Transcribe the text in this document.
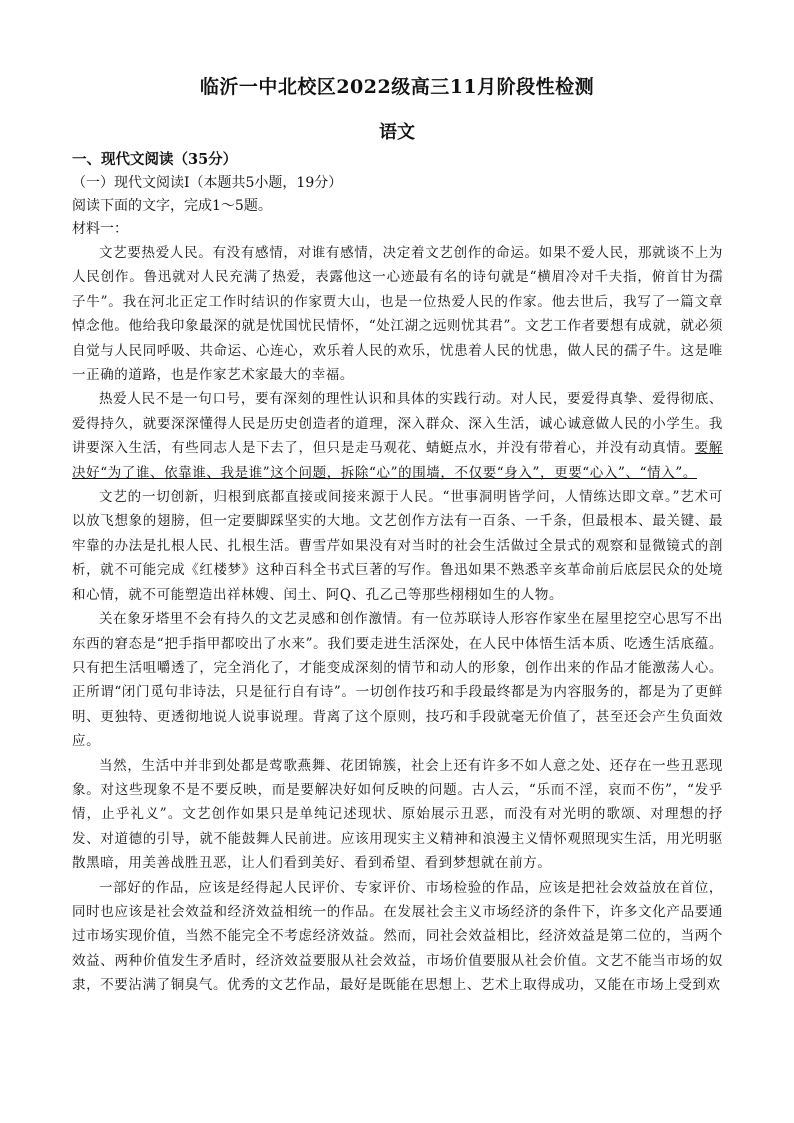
临沂一中北校区2022级高三11月阶段性检测
语文
一、现代文阅读（35分）
（一）现代文阅读Ⅰ（本题共5小题，19分）
阅读下面的文字，完成1～5题。
材料一：

文艺要热爱人民。有没有感情，对谁有感情，决定着文艺创作的命运。如果不爱人民，那就谈不上为人民创作。鲁迅就对人民充满了热爱，表露他这一心迹最有名的诗句就是“横眉冷对千夫指，俯首甘为孺子牛”。我在河北正定工作时结识的作家贾大山，也是一位热爱人民的作家。他去世后，我写了一篇文章悼念他。他给我印象最深的就是忧国忧民情怀，“处江湖之远则忧其君”。文艺工作者要想有成就，就必须自觉与人民同呼吸、共命运、心连心，欢乐着人民的欢乐，忧患着人民的忧患，做人民的孺子牛。这是唯一正确的道路，也是作家艺术家最大的幸福。

热爱人民不是一句口号，要有深刻的理性认识和具体的实践行动。对人民，要爱得真挚、爱得彻底、爱得持久，就要深深懂得人民是历史创造者的道理，深入群众、深入生活，诚心诚意做人民的小学生。我讲要深入生活，有些同志人是下去了，但只是走马观花、蜻蜓点水，并没有带着心，并没有动真情。要解决好“为了谁、依靠谁、我是谁”这个问题，拆除“心”的围墙，不仅要“身入”，更要“心入”、“情入”。

文艺的一切创新，归根到底都直接或间接来源于人民。“世事洞明皆学问，人情练达即文章。”艺术可以放飞想象的翅膀，但一定要脚踩坚实的大地。文艺创作方法有一百条、一千条，但最根本、最关键、最牢靠的办法是扎根人民、扎根生活。曹雪芹如果没有对当时的社会生活做过全景式的观察和显微镜式的剖析，就不可能完成《红楼梦》这种百科全书式巨著的写作。鲁迅如果不熟悉辛亥革命前后底层民众的处境和心情，就不可能塑造出祥林嫂、闰土、阿Q、孔乙己等那些栩栩如生的人物。

关在象牙塔里不会有持久的文艺灵感和创作激情。有一位苏联诗人形容作家坐在屋里挖空心思写不出东西的窘态是“把手指甲都咬出了水来”。我们要走进生活深处，在人民中体悟生活本质、吃透生活底蕴。只有把生活咀嚼透了，完全消化了，才能变成深刻的情节和动人的形象，创作出来的作品才能激荡人心。正所谓“闭门觅句非诗法，只是征行自有诗”。一切创作技巧和手段最终都是为内容服务的，都是为了更鲜明、更独特、更透彻地说人说事说理。背离了这个原则，技巧和手段就毫无价值了，甚至还会产生负面效应。

当然，生活中并非到处都是莺歌燕舞、花团锦簇，社会上还有许多不如人意之处、还存在一些丑恶现象。对这些现象不是不要反映，而是要解决好如何反映的问题。古人云，“乐而不淫，哀而不伤”，“发乎情，止乎礼义”。文艺创作如果只是单纯记述现状、原始展示丑恶，而没有对光明的歌颂、对理想的抒发、对道德的引导，就不能鼓舞人民前进。应该用现实主义精神和浪漫主义情怀观照现实生活，用光明驱散黑暗，用美善战胜丑恶，让人们看到美好、看到希望、看到梦想就在前方。

一部好的作品，应该是经得起人民评价、专家评价、市场检验的作品，应该是把社会效益放在首位，同时也应该是社会效益和经济效益相统一的作品。在发展社会主义市场经济的条件下，许多文化产品要通过市场实现价值，当然不能完全不考虑经济效益。然而，同社会效益相比，经济效益是第二位的，当两个效益、两种价值发生矛盾时，经济效益要服从社会效益，市场价值要服从社会价值。文艺不能当市场的奴隶，不要沾满了铜臭气。优秀的文艺作品，最好是既能在思想上、艺术上取得成功，又能在市场上受到欢
